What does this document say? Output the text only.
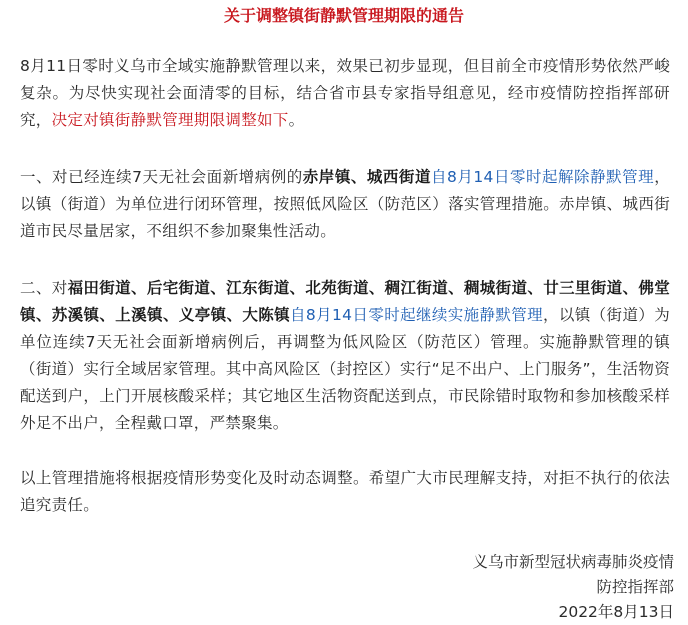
关于调整镇街静默管理期限的通告
8月11日零时义乌市全域实施静默管理以来，效果已初步显现，但目前全市疫情形势依然严峻复杂。为尽快实现社会面清零的目标，结合省市县专家指导组意见，经市疫情防控指挥部研究，决定对镇街静默管理期限调整如下。
一、对已经连续7天无社会面新增病例的赤岸镇、城西街道自8月14日零时起解除静默管理，以镇（街道）为单位进行闭环管理，按照低风险区（防范区）落实管理措施。赤岸镇、城西街道市民尽量居家，不组织不参加聚集性活动。
二、对福田街道、后宅街道、江东街道、北苑街道、稠江街道、稠城街道、廿三里街道、佛堂镇、苏溪镇、上溪镇、义亭镇、大陈镇自8月14日零时起继续实施静默管理，以镇（街道）为单位连续7天无社会面新增病例后，再调整为低风险区（防范区）管理。实施静默管理的镇（街道）实行全域居家管理。其中高风险区（封控区）实行“足不出户、上门服务”，生活物资配送到户，上门开展核酸采样；其它地区生活物资配送到点，市民除错时取物和参加核酸采样外足不出户，全程戴口罩，严禁聚集。
以上管理措施将根据疫情形势变化及时动态调整。希望广大市民理解支持，对拒不执行的依法追究责任。
义乌市新型冠状病毒肺炎疫情
防控指挥部
2022年8月13日
